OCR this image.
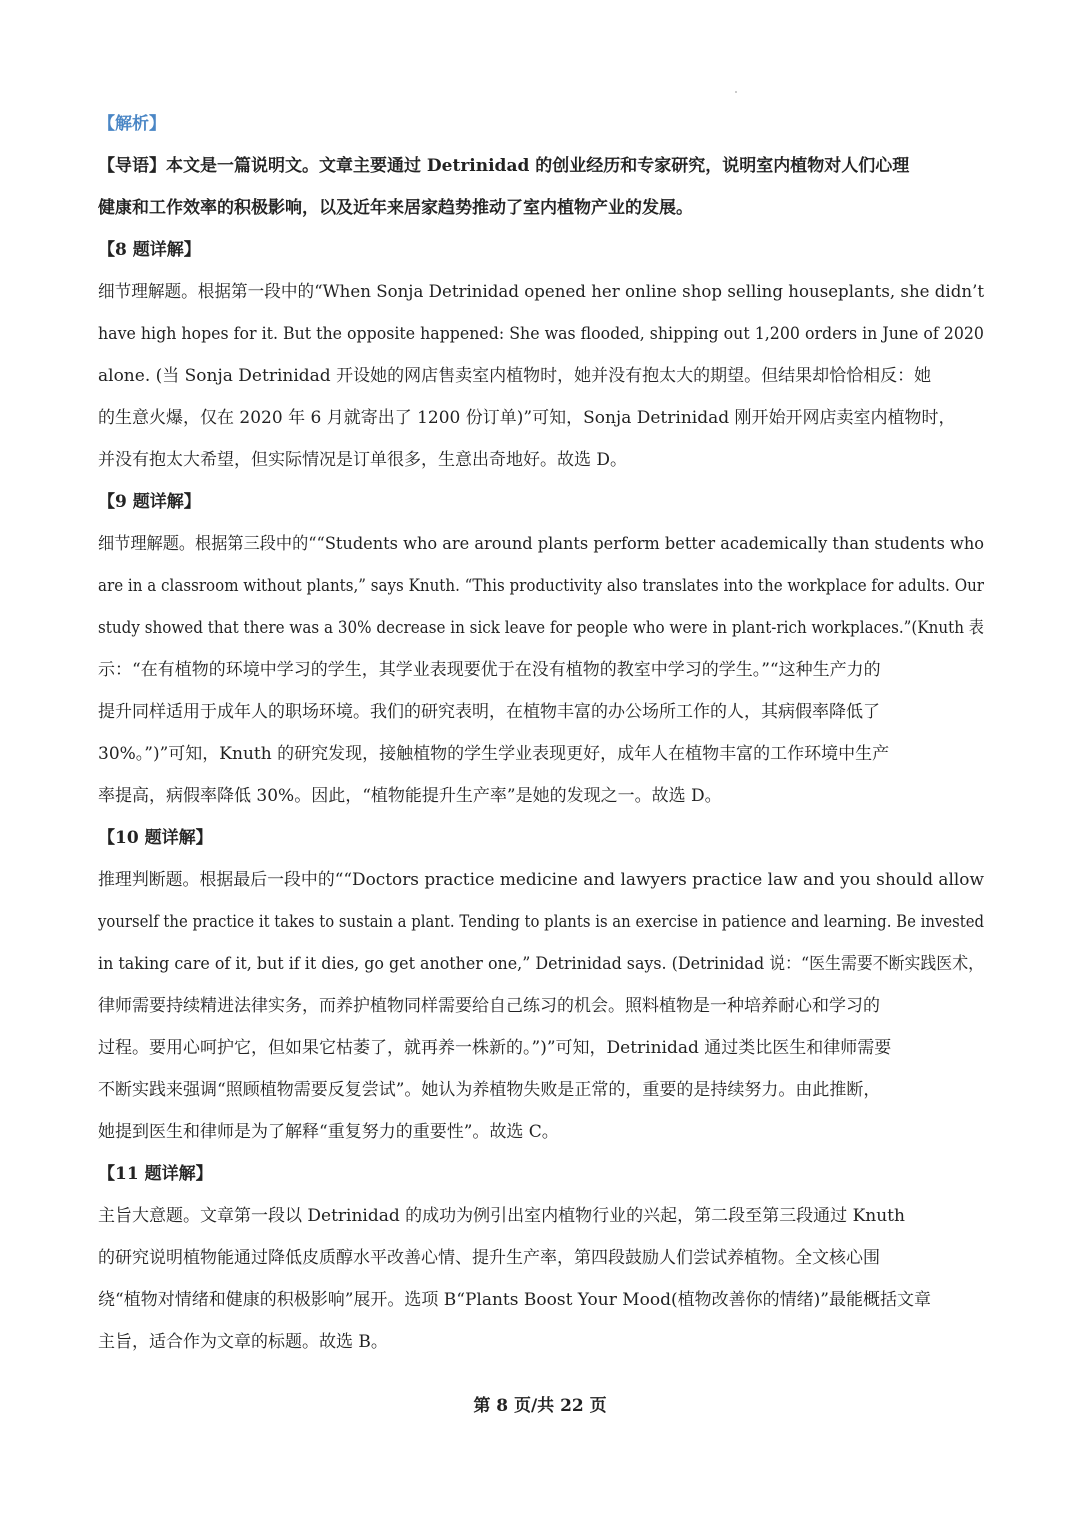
【解析】
【导语】本文是一篇说明文。文章主要通过 Detrinidad 的创业经历和专家研究，说明室内植物对人们心理
健康和工作效率的积极影响，以及近年来居家趋势推动了室内植物产业的发展。
【8 题详解】
细节理解题。根据第一段中的“When Sonja Detrinidad opened her online shop selling houseplants, she didn’t
have high hopes for it. But the opposite happened: She was flooded, shipping out 1,200 orders in June of 2020
alone. (当 Sonja Detrinidad 开设她的网店售卖室内植物时，她并没有抱太大的期望。但结果却恰恰相反：她
的生意火爆，仅在 2020 年 6 月就寄出了 1200 份订单)”可知，Sonja Detrinidad 刚开始开网店卖室内植物时，
并没有抱太大希望，但实际情况是订单很多，生意出奇地好。故选 D。
【9 题详解】
细节理解题。根据第三段中的““Students who are around plants perform better academically than students who
are in a classroom without plants,” says Knuth. “This productivity also translates into the workplace for adults. Our
study showed that there was a 30% decrease in sick leave for people who were in plant-rich workplaces.”(Knuth 表
示：“在有植物的环境中学习的学生，其学业表现要优于在没有植物的教室中学习的学生。”“这种生产力的
提升同样适用于成年人的职场环境。我们的研究表明，在植物丰富的办公场所工作的人，其病假率降低了
30%。”)”可知，Knuth 的研究发现，接触植物的学生学业表现更好，成年人在植物丰富的工作环境中生产
率提高，病假率降低 30%。因此，“植物能提升生产率”是她的发现之一。故选 D。
【10 题详解】
推理判断题。根据最后一段中的““Doctors practice medicine and lawyers practice law and you should allow
yourself the practice it takes to sustain a plant. Tending to plants is an exercise in patience and learning. Be invested
in taking care of it, but if it dies, go get another one,” Detrinidad says. (Detrinidad 说：“医生需要不断实践医术，
律师需要持续精进法律实务，而养护植物同样需要给自己练习的机会。照料植物是一种培养耐心和学习的
过程。要用心呵护它，但如果它枯萎了，就再养一株新的。”)”可知，Detrinidad 通过类比医生和律师需要
不断实践来强调“照顾植物需要反复尝试”。她认为养植物失败是正常的，重要的是持续努力。由此推断，
她提到医生和律师是为了解释“重复努力的重要性”。故选 C。
【11 题详解】
主旨大意题。文章第一段以 Detrinidad 的成功为例引出室内植物行业的兴起，第二段至第三段通过 Knuth
的研究说明植物能通过降低皮质醇水平改善心情、提升生产率，第四段鼓励人们尝试养植物。全文核心围
绕“植物对情绪和健康的积极影响”展开。选项 B“Plants Boost Your Mood(植物改善你的情绪)”最能概括文章
主旨，适合作为文章的标题。故选 B。
第 8 页/共 22 页
